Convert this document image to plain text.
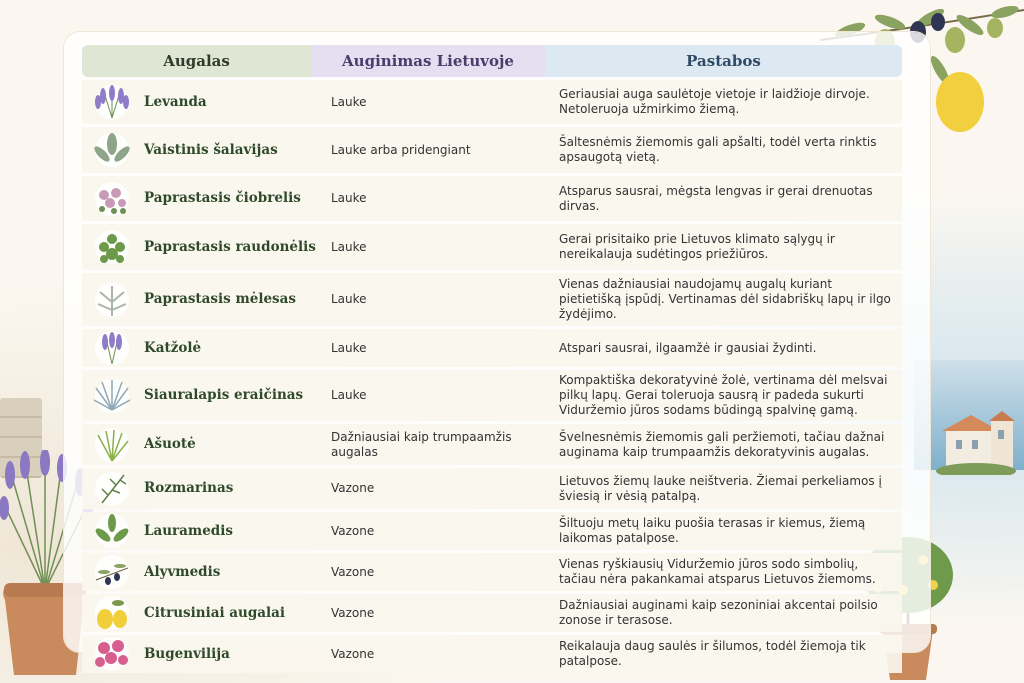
Augalas	Auginimas Lietuvoje	Pastabos

Levanda	Lauke	Geriausiai auga saulėtoje vietoje ir laidžioje dirvoje. Netoleruoja užmirkimo žiemą.

Vaistinis šalavijas	Lauke arba pridengiant	Šaltesnėmis žiemomis gali apšalti, todėl verta rinktis apsaugotą vietą.

Paprastasis čiobrelis	Lauke	Atsparus sausrai, mėgsta lengvas ir gerai drenuotas dirvas.

Paprastasis raudonėlis	Lauke	Gerai prisitaiko prie Lietuvos klimato sąlygų ir nereikalauja sudėtingos priežiūros.

Paprastasis mėlesas	Lauke	Vienas dažniausiai naudojamų augalų kuriant pietietišką įspūdį. Vertinamas dėl sidabriškų lapų ir ilgo žydėjimo.

Katžolė	Lauke	Atspari sausrai, ilgaamžė ir gausiai žydinti.

Siauralapis eraičinas	Lauke	Kompaktiška dekoratyvinė žolė, vertinama dėl melsvai pilkų lapų. Gerai toleruoja sausrą ir padeda sukurti Viduržemio jūros sodams būdingą spalvinę gamą.

Ašuotė	Dažniausiai kaip trumpaamžis augalas	Švelnesnėmis žiemomis gali peržiemoti, tačiau dažnai auginama kaip trumpaamžis dekoratyvinis augalas.

Rozmarinas	Vazone	Lietuvos žiemų lauke neištveria. Žiemai perkeliamos į šviesią ir vėsią patalpą.

Lauramedis	Vazone	Šiltuoju metų laiku puošia terasas ir kiemus, žiemą laikomas patalpose.

Alyvmedis	Vazone	Vienas ryškiausių Viduržemio jūros sodo simbolių, tačiau nėra pakankamai atsparus Lietuvos žiemoms.

Citrusiniai augalai	Vazone	Dažniausiai auginami kaip sezoniniai akcentai poilsio zonose ir terasose.

Bugenvilija	Vazone	Reikalauja daug saulės ir šilumos, todėl žiemoja tik patalpose.
